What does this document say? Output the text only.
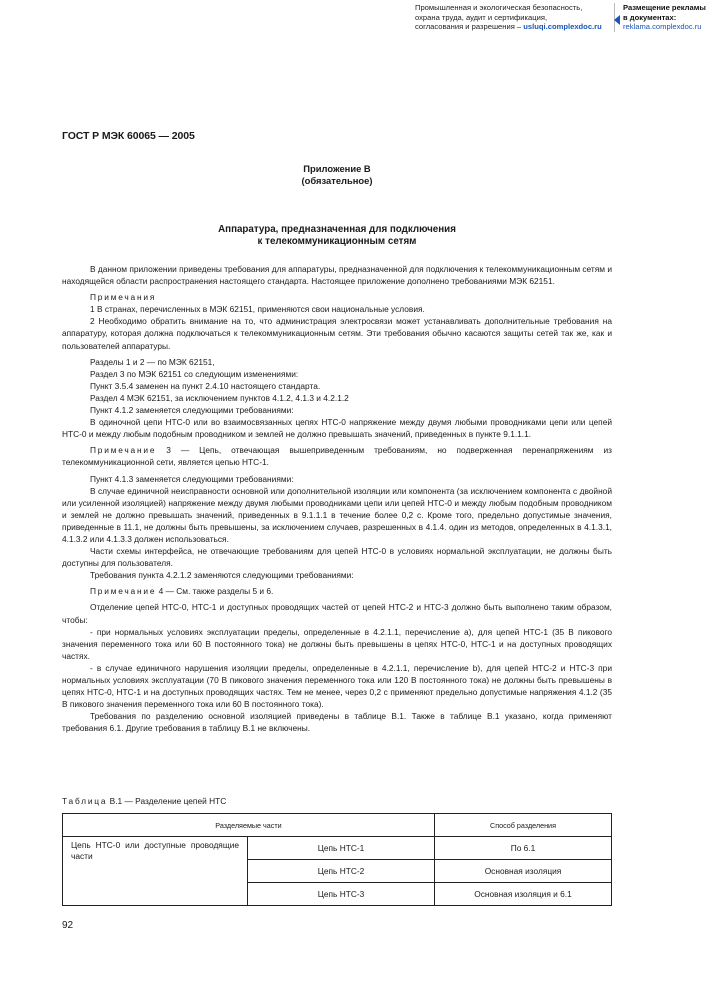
Промышленная и экологическая безопасность,
охрана труда, аудит и сертификация,
согласования и разрешения – usluqi.complexdoc.ru
Размещение рекламы
в документах:
reklama.complexdoc.ru
ГОСТ Р МЭК 60065 — 2005
Приложение В
(обязательное)
Аппаратура, предназначенная для подключения
к телекоммуникационным сетям

В данном приложении приведены требования для аппаратуры, предназначенной для подключения к телекоммуникационным сетям и находящейся области распространения настоящего стандарта. Настоящее приложение дополнено требованиями МЭК 62151.

Примечания

1 В странах, перечисленных в МЭК 62151, применяются свои национальные условия.

2 Необходимо обратить внимание на то, что администрация электросвязи может устанавливать дополнительные требования на аппаратуру, которая должна подключаться к телекоммуникационным сетям. Эти требования обычно касаются защиты сетей так же, как и пользователей аппаратуры.

Разделы 1 и 2 — по МЭК 62151,

Раздел 3 по МЭК 62151 со следующим изменениями:

Пункт 3.5.4 заменен на пункт 2.4.10 настоящего стандарта.

Раздел 4 МЭК 62151, за исключением пунктов 4.1.2, 4.1.3 и 4.2.1.2

Пункт 4.1.2 заменяется следующими требованиями:

В одиночной цепи НТС-0 или во взаимосвязанных цепях НТС-0 напряжение между двумя любыми проводниками цепи или цепей НТС-0 и между любым подобным проводником и землей не должно превышать значений, приведенных в пункте 9.1.1.1.

Примечание 3 — Цепь, отвечающая вышеприведенным требованиям, но подверженная перенапряжениям из телекоммуникационной сети, является цепью НТС-1.

Пункт 4.1.3 заменяется следующими требованиями:

В случае единичной неисправности основной или дополнительной изоляции или компонента (за исключением компонента с двойной или усиленной изоляцией) напряжение между двумя любыми проводниками цепи или цепей НТС-0 и между любым подобным проводником и землей не должно превышать значений, приведенных в 9.1.1.1 в течение более 0,2 с. Кроме того, предельно допустимые значения, приведенные в 11.1, не должны быть превышены, за исключением случаев, разрешенных в 4.1.4. один из методов, определенных в 4.1.3.1, 4.1.3.2 или 4.1.3.3 должен использоваться.

Части схемы интерфейса, не отвечающие требованиям для цепей НТС-0 в условиях нормальной эксплуатации, не должны быть доступны для пользователя.

Требования пункта 4.2.1.2 заменяются следующими требованиями:

Примечание 4 — См. также разделы 5 и 6.

Отделение цепей НТС-0, НТС-1 и доступных проводящих частей от цепей НТС-2 и НТС-3 должно быть выполнено таким образом, чтобы:

- при нормальных условиях эксплуатации пределы, определенные в 4.2.1.1, перечисление а), для цепей НТС-1 (35 В пикового значения переменного тока или 60 В постоянного тока) не должны быть превышены в цепях НТС-0, НТС-1 и на доступных проводящих частях.

- в случае единичного нарушения изоляции пределы, определенные в 4.2.1.1, перечисление b), для цепей НТС-2 и НТС-3 при нормальных условиях эксплуатации (70 В пикового значения переменного тока или 120 В постоянного тока) не должны быть превышены в цепях НТС-0, НТС-1 и на доступных проводящих частях. Тем не менее, через 0,2 с применяют предельно допустимые напряжения 4.1.2 (35 В пикового значения переменного тока или 60 В постоянного тока).

Требования по разделению основной изоляцией приведены в таблице В.1. Также в таблице В.1 указано, когда применяют требования 6.1. Другие требования в таблицу В.1 не включены.

Таблица В.1 — Разделение цепей НТС
Разделяемые части		Способ разделения
Цепь НТС-0 или доступные проводящие части	Цепь НТС-1	По 6.1
	Цепь НТС-2	Основная изоляция
	Цепь НТС-3	Основная изоляция и 6.1
92
